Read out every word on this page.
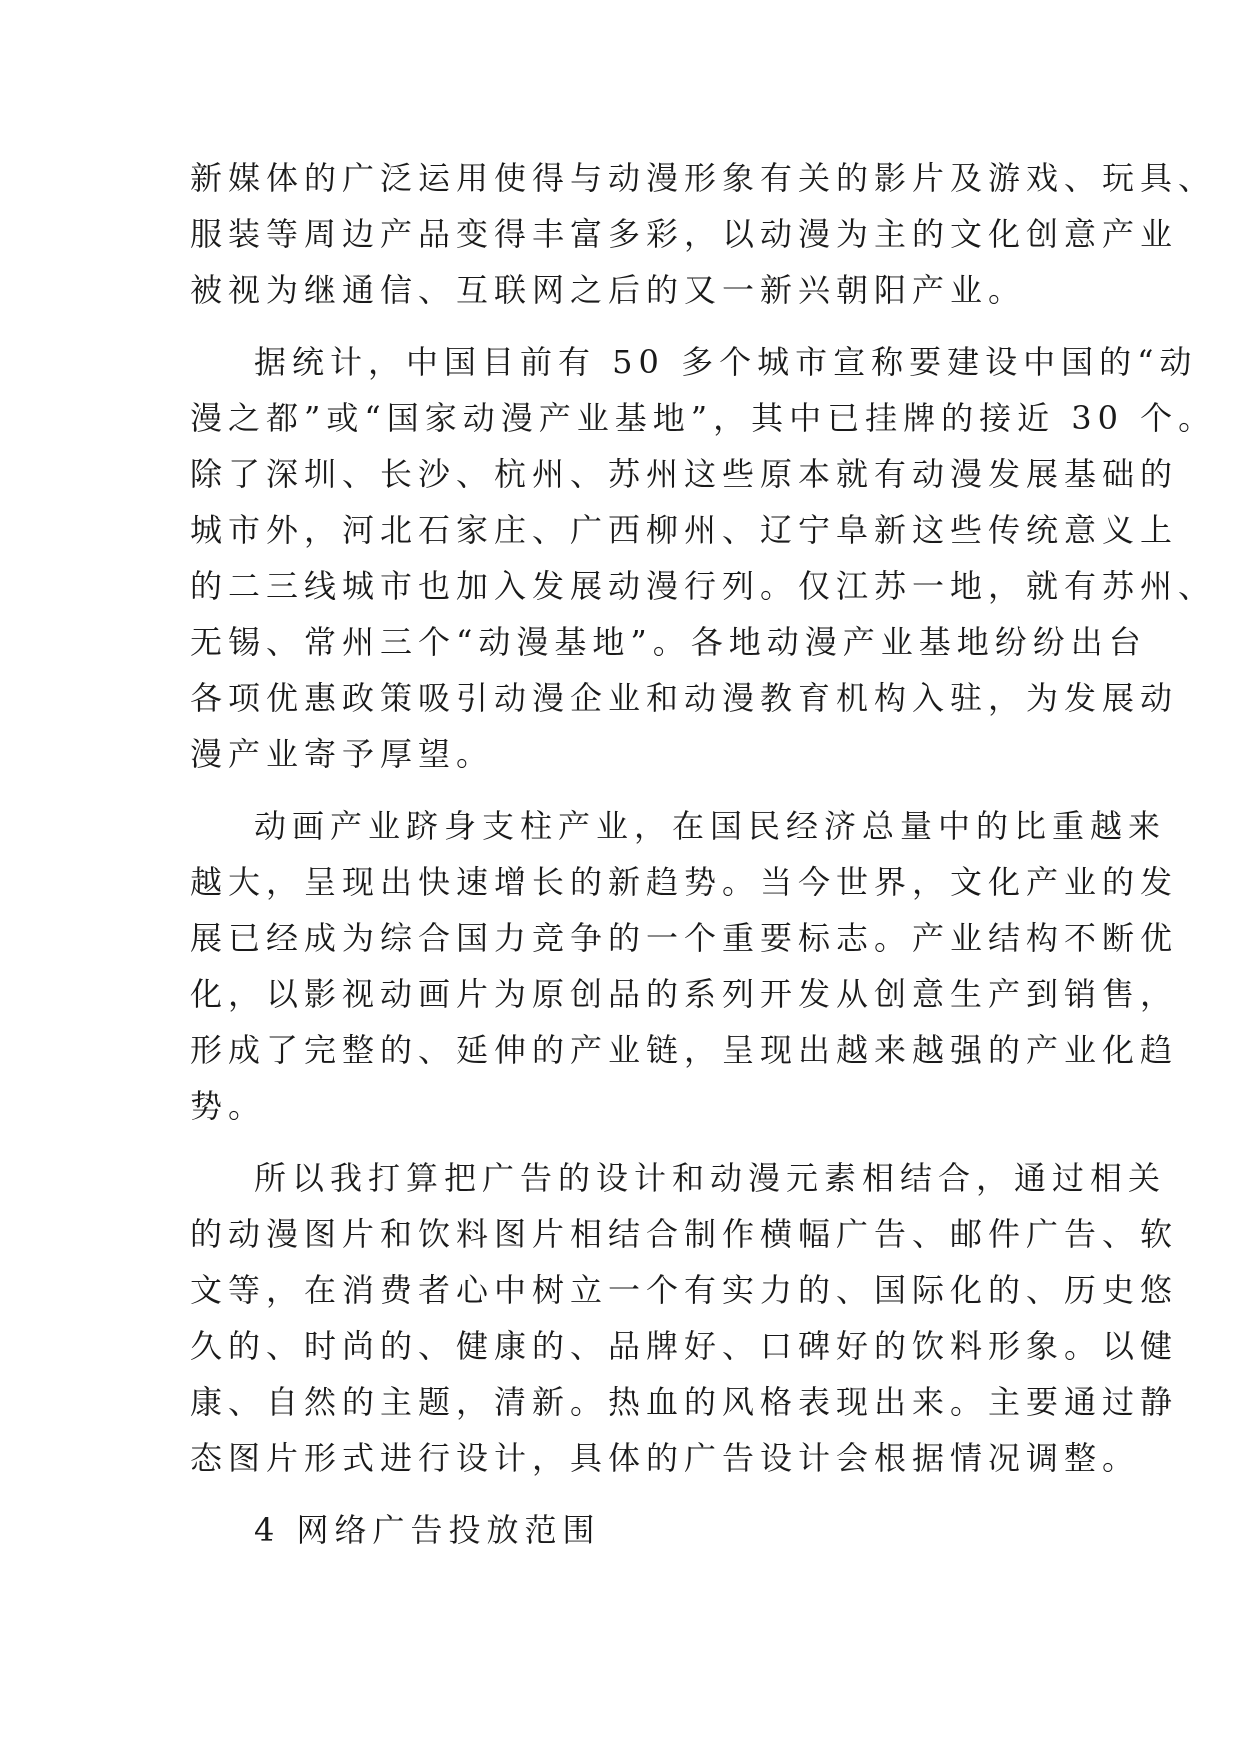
新媒体的广泛运用使得与动漫形象有关的影片及游戏、玩具、
服装等周边产品变得丰富多彩，以动漫为主的文化创意产业
被视为继通信、互联网之后的又一新兴朝阳产业。
据统计，中国目前有 50 多个城市宣称要建设中国的“动
漫之都”或“国家动漫产业基地”，其中已挂牌的接近 30 个。
除了深圳、长沙、杭州、苏州这些原本就有动漫发展基础的
城市外，河北石家庄、广西柳州、辽宁阜新这些传统意义上
的二三线城市也加入发展动漫行列。仅江苏一地，就有苏州、
无锡、常州三个“动漫基地”。各地动漫产业基地纷纷出台
各项优惠政策吸引动漫企业和动漫教育机构入驻，为发展动
漫产业寄予厚望。
动画产业跻身支柱产业，在国民经济总量中的比重越来
越大，呈现出快速增长的新趋势。当今世界，文化产业的发
展已经成为综合国力竞争的一个重要标志。产业结构不断优
化，以影视动画片为原创品的系列开发从创意生产到销售，
形成了完整的、延伸的产业链，呈现出越来越强的产业化趋
势。
所以我打算把广告的设计和动漫元素相结合，通过相关
的动漫图片和饮料图片相结合制作横幅广告、邮件广告、软
文等，在消费者心中树立一个有实力的、国际化的、历史悠
久的、时尚的、健康的、品牌好、口碑好的饮料形象。以健
康、自然的主题，清新。热血的风格表现出来。主要通过静
态图片形式进行设计，具体的广告设计会根据情况调整。
4 网络广告投放范围
